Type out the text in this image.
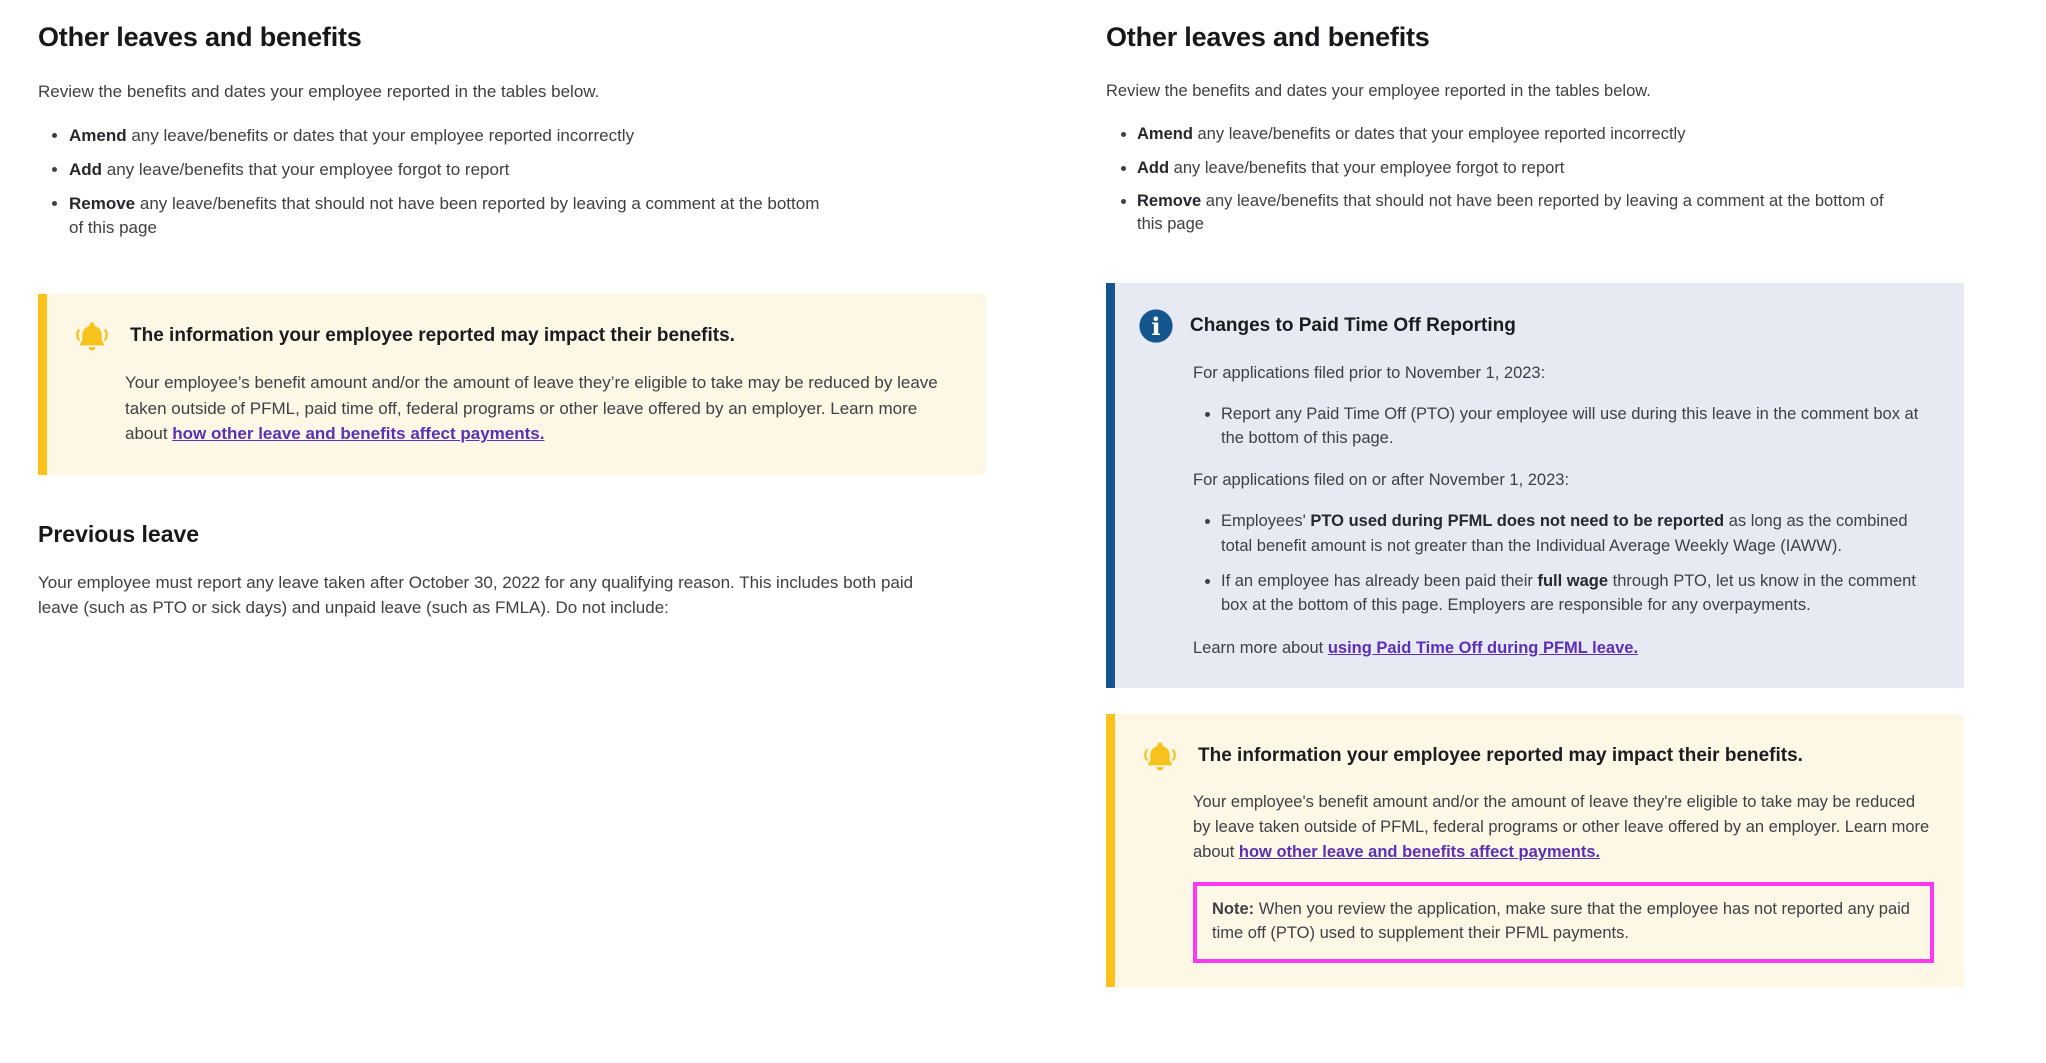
Other leaves and benefits

Review the benefits and dates your employee reported in the tables below.

• Amend any leave/benefits or dates that your employee reported incorrectly
• Add any leave/benefits that your employee forgot to report
• Remove any leave/benefits that should not have been reported by leaving a comment at the bottom of this page
The information your employee reported may impact their benefits.

Your employee’s benefit amount and/or the amount of leave they’re eligible to take may be reduced by leave taken outside of PFML, paid time off, federal programs or other leave offered by an employer. Learn more about how other leave and benefits affect payments.

Previous leave

Your employee must report any leave taken after October 30, 2022 for any qualifying reason. This includes both paid leave (such as PTO or sick days) and unpaid leave (such as FMLA). Do not include:

Other leaves and benefits

Review the benefits and dates your employee reported in the tables below.

• Amend any leave/benefits or dates that your employee reported incorrectly
• Add any leave/benefits that your employee forgot to report
• Remove any leave/benefits that should not have been reported by leaving a comment at the bottom of this page
i Changes to Paid Time Off Reporting

For applications filed prior to November 1, 2023:

• Report any Paid Time Off (PTO) your employee will use during this leave in the comment box at the bottom of this page.

For applications filed on or after November 1, 2023:

• Employees' PTO used during PFML does not need to be reported as long as the combined total benefit amount is not greater than the Individual Average Weekly Wage (IAWW).
• If an employee has already been paid their full wage through PTO, let us know in the comment box at the bottom of this page. Employers are responsible for any overpayments.

Learn more about using Paid Time Off during PFML leave.

The information your employee reported may impact their benefits.

Your employee's benefit amount and/or the amount of leave they're eligible to take may be reduced by leave taken outside of PFML, federal programs or other leave offered by an employer. Learn more about how other leave and benefits affect payments.

Note: When you review the application, make sure that the employee has not reported any paid time off (PTO) used to supplement their PFML payments.
